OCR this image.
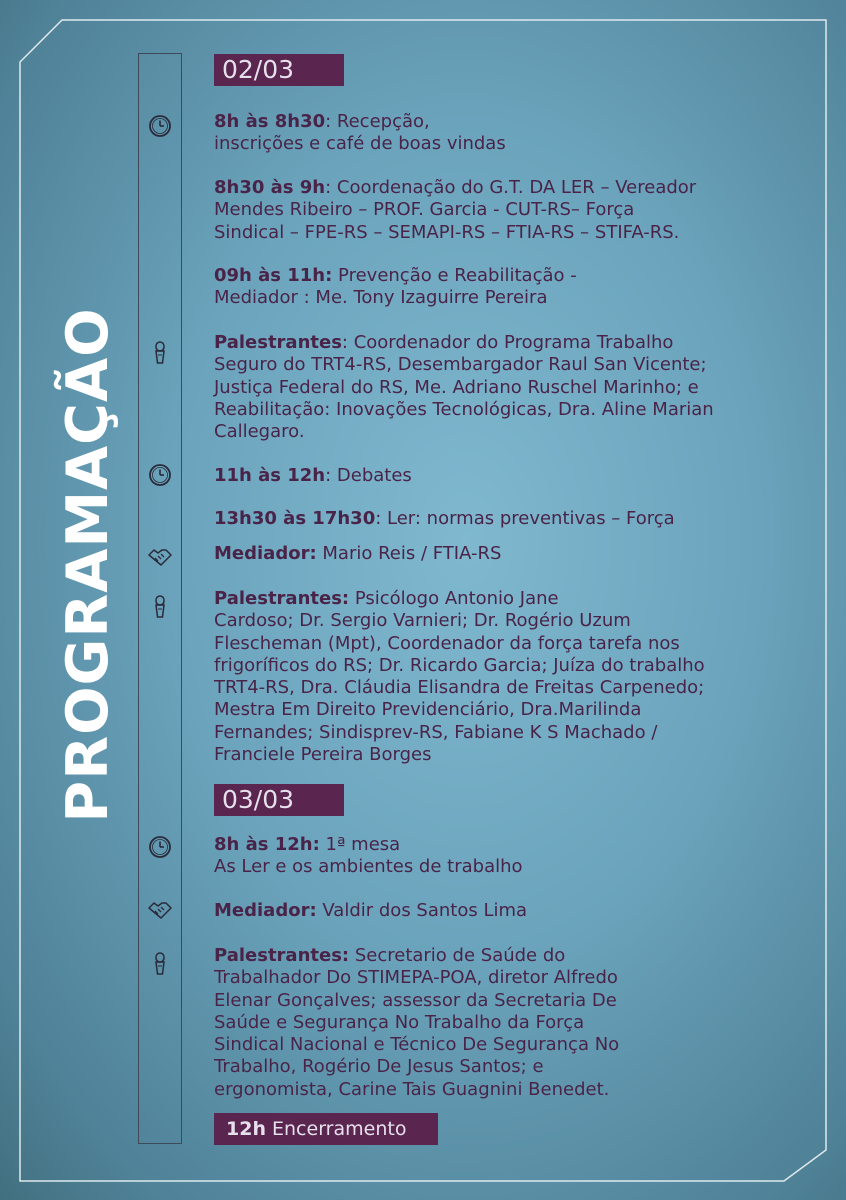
PROGRAMAÇÃO
02/03
8h às 8h30: Recepção,
inscrições e café de boas vindas
8h30 às 9h: Coordenação do G.T. DA LER – Vereador
Mendes Ribeiro – PROF. Garcia - CUT-RS– Força
Sindical – FPE-RS – SEMAPI-RS – FTIA-RS – STIFA-RS.
09h às 11h: Prevenção e Reabilitação -
Mediador : Me. Tony Izaguirre Pereira
Palestrantes: Coordenador do Programa Trabalho
Seguro do TRT4-RS, Desembargador Raul San Vicente;
Justiça Federal do RS, Me. Adriano Ruschel Marinho; e
Reabilitação: Inovações Tecnológicas, Dra. Aline Marian
Callegaro.
11h às 12h: Debates
13h30 às 17h30: Ler: normas preventivas – Força
Mediador: Mario Reis / FTIA-RS
Palestrantes: Psicólogo Antonio Jane
Cardoso; Dr. Sergio Varnieri; Dr. Rogério Uzum
Flescheman (Mpt), Coordenador da força tarefa nos
frigoríficos do RS; Dr. Ricardo Garcia; Juíza do trabalho
TRT4-RS, Dra. Cláudia Elisandra de Freitas Carpenedo;
Mestra Em Direito Previdenciário, Dra.Marilinda
Fernandes; Sindisprev-RS, Fabiane K S Machado /
Franciele Pereira Borges
03/03
8h às 12h: 1ª mesa
As Ler e os ambientes de trabalho
Mediador: Valdir dos Santos Lima
Palestrantes: Secretario de Saúde do
Trabalhador Do STIMEPA-POA, diretor Alfredo
Elenar Gonçalves; assessor da Secretaria De
Saúde e Segurança No Trabalho da Força
Sindical Nacional e Técnico De Segurança No
Trabalho, Rogério De Jesus Santos; e
ergonomista, Carine Tais Guagnini Benedet.
12h Encerramento
